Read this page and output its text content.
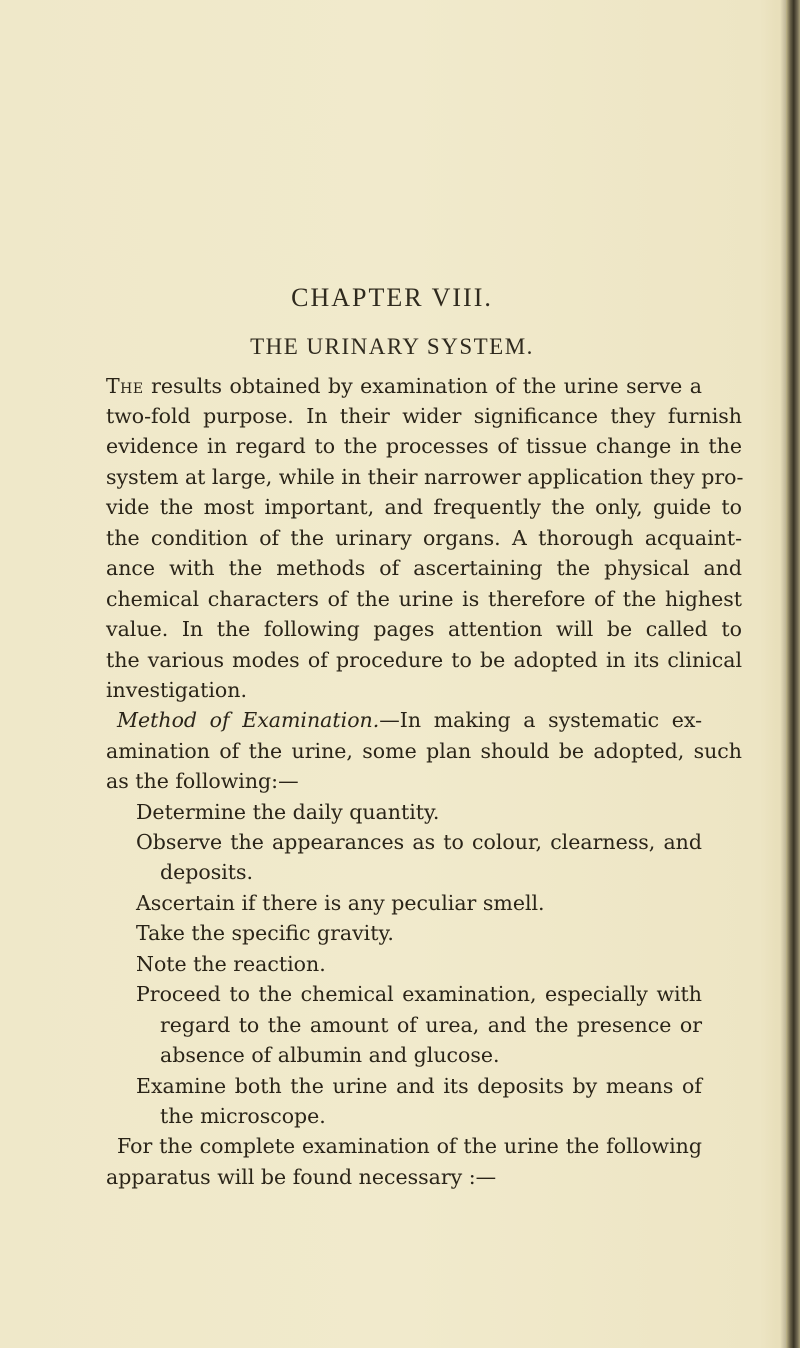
CHAPTER VIII.
THE URINARY SYSTEM.
The results obtained by examination of the urine serve a
two-fold purpose. In their wider significance they furnish
evidence in regard to the processes of tissue change in the
system at large, while in their narrower application they pro-
vide the most important, and frequently the only, guide to
the condition of the urinary organs. A thorough acquaint-
ance with the methods of ascertaining the physical and
chemical characters of the urine is therefore of the highest
value. In the following pages attention will be called to
the various modes of procedure to be adopted in its clinical
investigation.
Method of Examination.—In making a systematic ex-
amination of the urine, some plan should be adopted, such
as the following:—
Determine the daily quantity.
Observe the appearances as to colour, clearness, and
deposits.
Ascertain if there is any peculiar smell.
Take the specific gravity.
Note the reaction.
Proceed to the chemical examination, especially with
regard to the amount of urea, and the presence or
absence of albumin and glucose.
Examine both the urine and its deposits by means of
the microscope.
For the complete examination of the urine the following
apparatus will be found necessary :—
